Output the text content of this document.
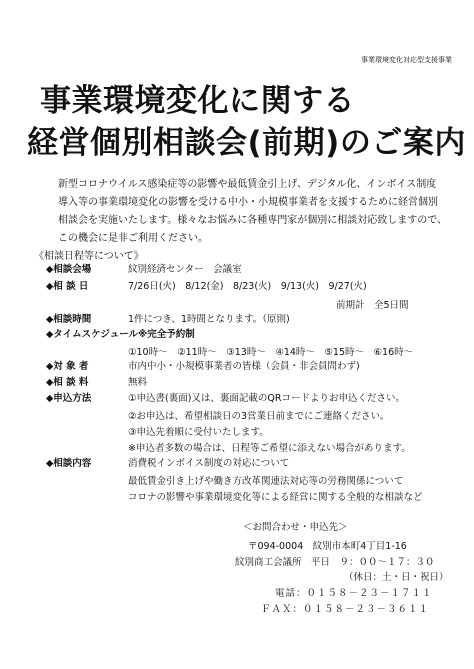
事業環境変化対応型支援事業
事業環境変化に関する
経営個別相談会(前期)のご案内
新型コロナウイルス感染症等の影響や最低賃金引上げ、デジタル化、インボイス制度
導入等の事業環境変化の影響を受ける中小・小規模事業者を支援するために経営個別
相談会を実施いたします。様々なお悩みに各種専門家が個別に相談対応致しますので、
この機会に是非ご利用ください。
《相談日程等について》
◆相談会場	紋別経済センター　会議室
◆相 談 日	7/26日(火)　8/12(金)　8/23(火)　9/13(火)　9/27(火)
前期計　全5日間
◆相談時間	1件につき、1時間となります。（原則)
◆タイムスケジュール※完全予約制
①10時～　②11時～　③13時～　④14時～　⑤15時～　⑥16時～
◆対 象 者	市内中小・小規模事業者の皆様（会員・非会員問わず)
◆相 談 料	無料
◆申込方法	①申込書(裏面)又は、裏面記載のQRコードよりお申込ください。
②お申込は、希望相談日の3営業日前までにご連絡ください。
③申込先着順に受付いたします。
※申込者多数の場合は、日程等ご希望に添えない場合があります。
◆相談内容	消費税インボイス制度の対応について
最低賃金引き上げや働き方改革関連法対応等の労務関係について
コロナの影響や事業環境変化等による経営に関する全般的な相談など
＜お問合わせ・申込先＞
〒094-0004　紋別市本町4丁目1-16
紋別商工会議所　平日　９：００～１７：３０
（休日：土・日・祝日）
電話：０１５８－２３－１７１１
ＦＡＸ：０１５８－２３－３６１１
